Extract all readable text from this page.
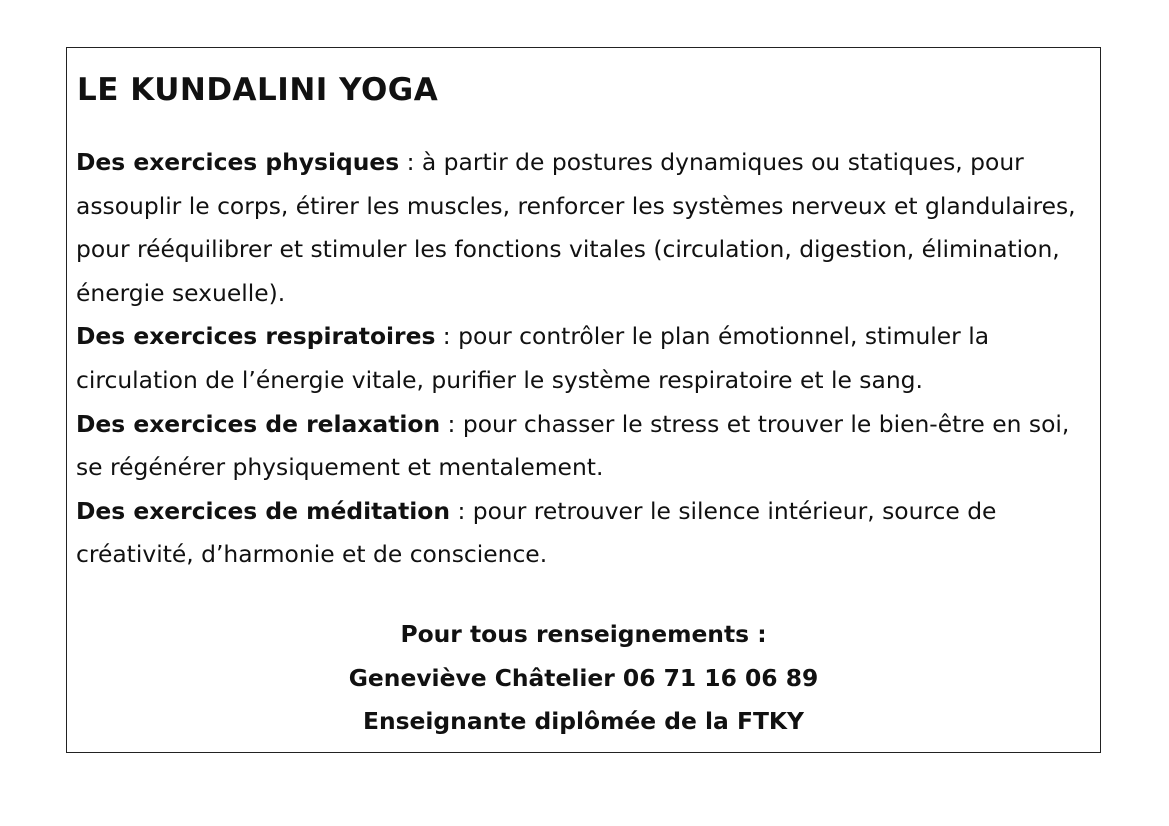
LE KUNDALINI YOGA

Des exercices physiques : à partir de postures dynamiques ou statiques, pour assouplir le corps, étirer les muscles, renforcer les systèmes nerveux et glandulaires, pour rééquilibrer et stimuler les fonctions vitales (circulation, digestion, élimination, énergie sexuelle).

Des exercices respiratoires : pour contrôler le plan émotionnel, stimuler la circulation de l’énergie vitale, purifier le système respiratoire et le sang.

Des exercices de relaxation : pour chasser le stress et trouver le bien-être en soi, se régénérer physiquement et mentalement.

Des exercices de méditation : pour retrouver le silence intérieur, source de créativité, d’harmonie et de conscience.

Pour tous renseignements :
Geneviève Châtelier 06 71 16 06 89
Enseignante diplômée de la FTKY
